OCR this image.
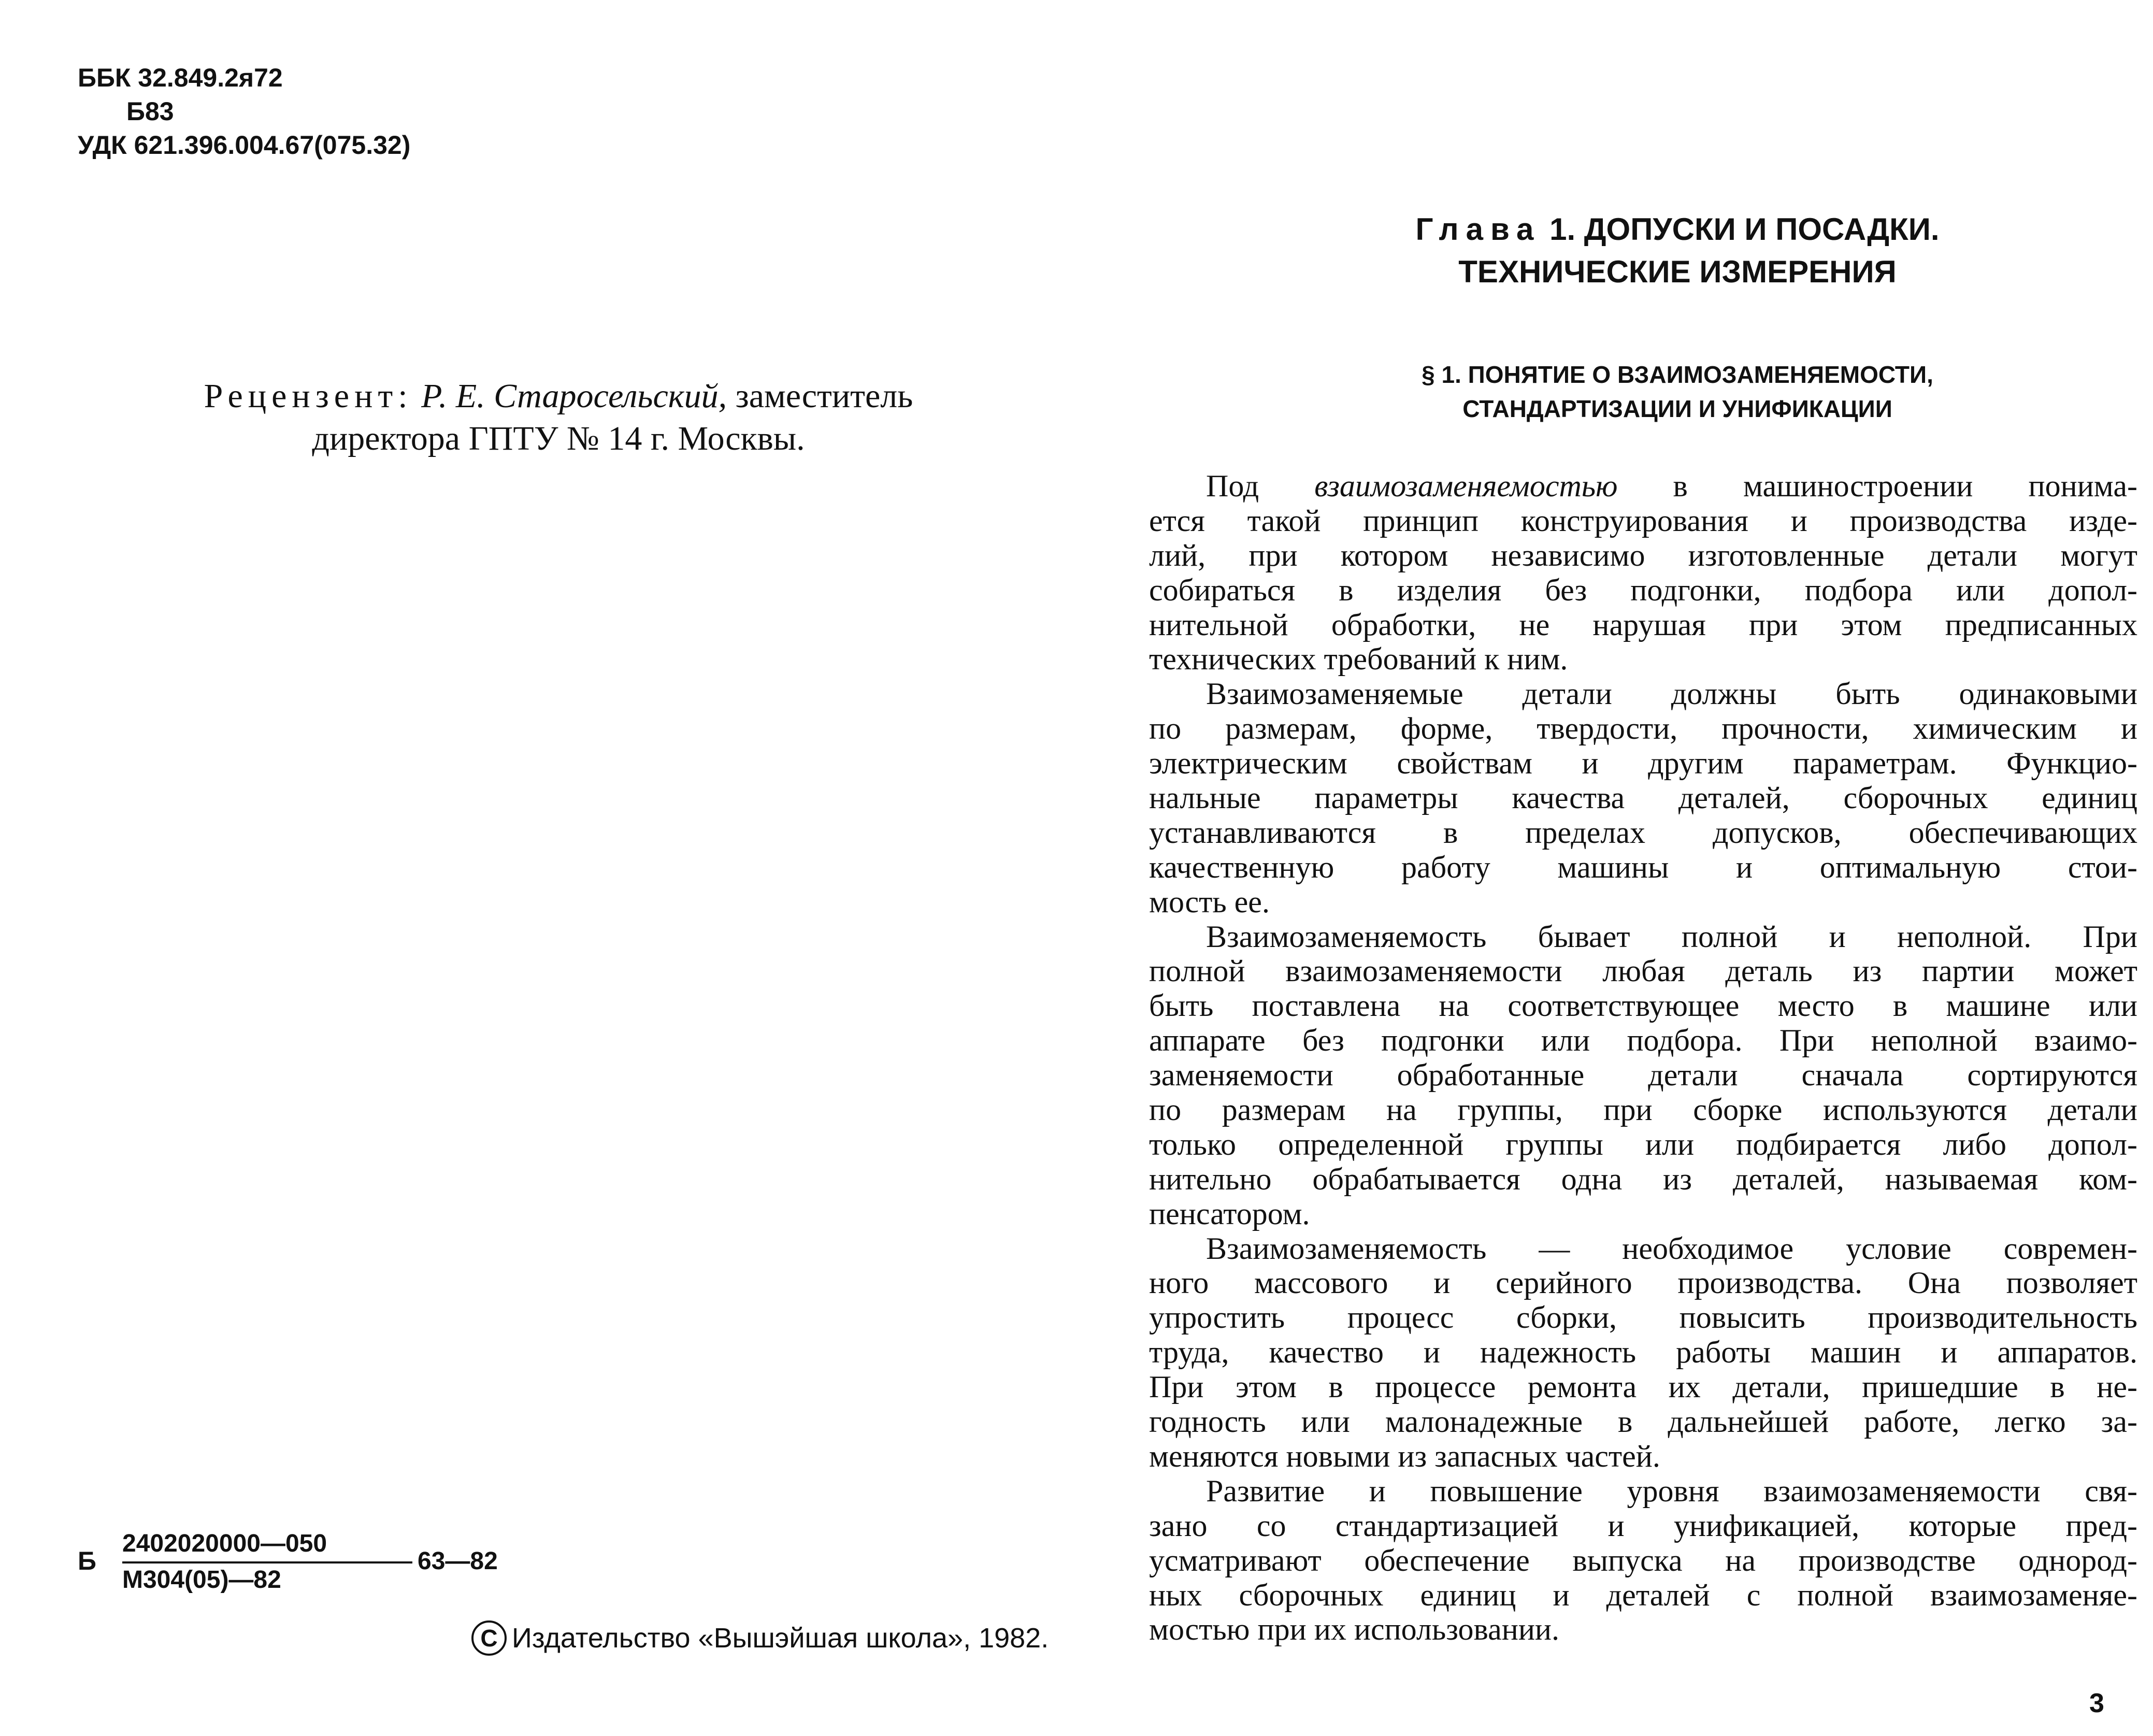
ББК 32.849.2я72
Б83
УДК 621.396.004.67(075.32)
Рецензент: Р. Е. Старосельский, заместитель
директора ГПТУ № 14 г. Москвы.
Б
2402020000—050
М304(05)—82
63—82
С Издательство «Вышэйшая школа», 1982.
Глава 1. ДОПУСКИ И ПОСАДКИ.
ТЕХНИЧЕСКИЕ ИЗМЕРЕНИЯ
§ 1. ПОНЯТИЕ О ВЗАИМОЗАМЕНЯЕМОСТИ,
СТАНДАРТИЗАЦИИ И УНИФИКАЦИИ
Под взаимозаменяемостью в машиностроении понима-
ется такой принцип конструирования и производства изде-
лий, при котором независимо изготовленные детали могут
собираться в изделия без подгонки, подбора или допол-
нительной обработки, не нарушая при этом предписанных
технических требований к ним.
Взаимозаменяемые детали должны быть одинаковыми
по размерам, форме, твердости, прочности, химическим и
электрическим свойствам и другим параметрам. Функцио-
нальные параметры качества деталей, сборочных единиц
устанавливаются в пределах допусков, обеспечивающих
качественную работу машины и оптимальную стои-
мость ее.
Взаимозаменяемость бывает полной и неполной. При
полной взаимозаменяемости любая деталь из партии может
быть поставлена на соответствующее место в машине или
аппарате без подгонки или подбора. При неполной взаимо-
заменяемости обработанные детали сначала сортируются
по размерам на группы, при сборке используются детали
только определенной группы или подбирается либо допол-
нительно обрабатывается одна из деталей, называемая ком-
пенсатором.
Взаимозаменяемость — необходимое условие современ-
ного массового и серийного производства. Она позволяет
упростить процесс сборки, повысить производительность
труда, качество и надежность работы машин и аппаратов.
При этом в процессе ремонта их детали, пришедшие в не-
годность или малонадежные в дальнейшей работе, легко за-
меняются новыми из запасных частей.
Развитие и повышение уровня взаимозаменяемости свя-
зано со стандартизацией и унификацией, которые пред-
усматривают обеспечение выпуска на производстве однород-
ных сборочных единиц и деталей с полной взаимозаменяе-
мостью при их использовании.
3
